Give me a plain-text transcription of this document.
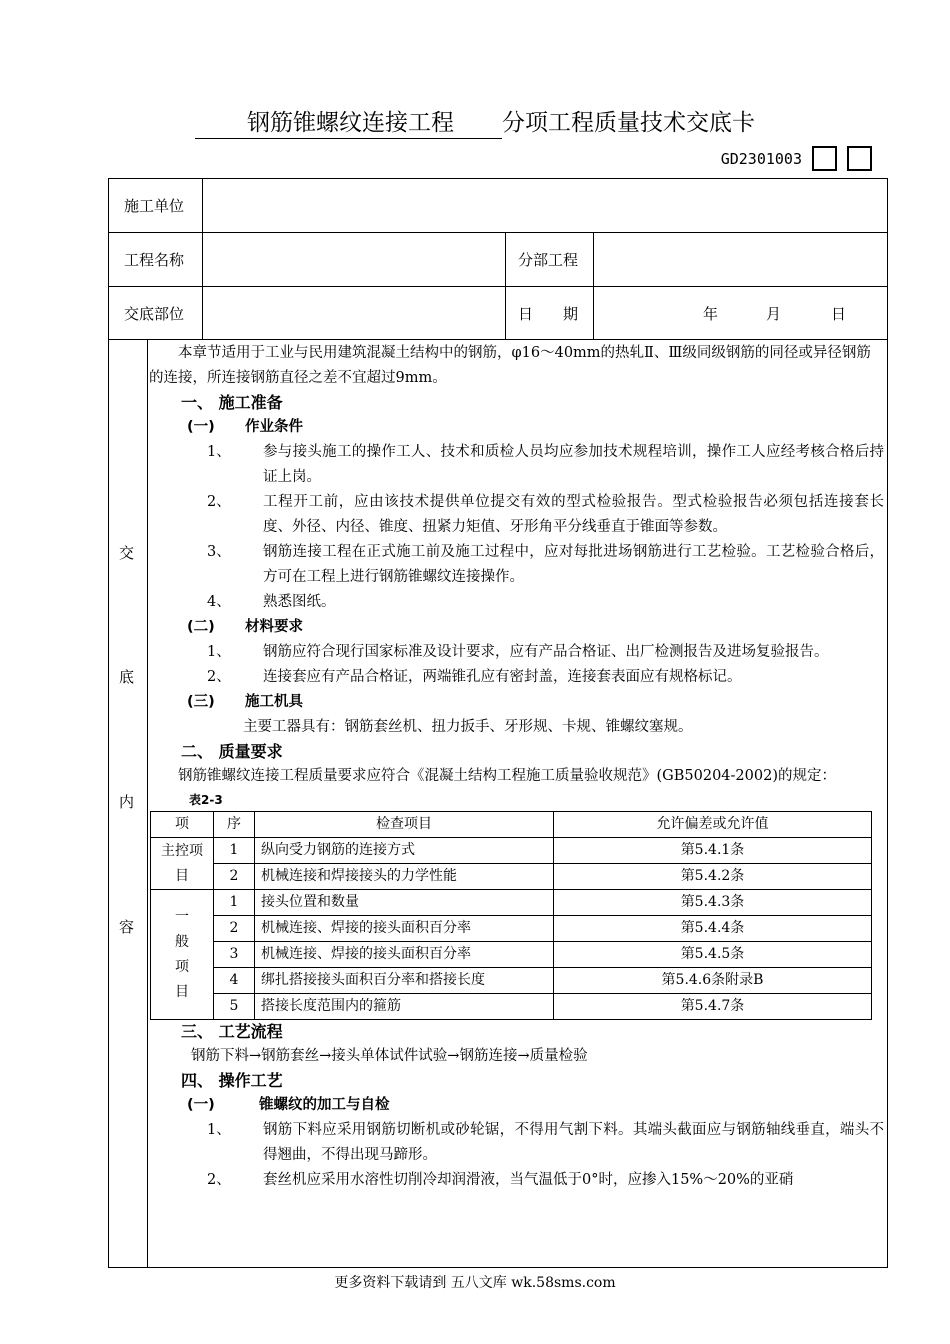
钢筋锥螺纹连接工程 分项工程质量技术交底卡
GD2301003
施工单位
工程名称	分部工程
交底部位	日　　期	年	月	日
交
底
内
容
本章节适用于工业与民用建筑混凝土结构中的钢筋，φ16～40mm的热轧Ⅱ、Ⅲ级同级钢筋的同径或异径钢筋的连接，所连接钢筋直径之差不宜超过9mm。
一、 施工准备
(一) 作业条件
1、	参与接头施工的操作工人、技术和质检人员均应参加技术规程培训，操作工人应经考核合格后持证上岗。
2、	工程开工前，应由该技术提供单位提交有效的型式检验报告。型式检验报告必须包括连接套长度、外径、内径、锥度、扭紧力矩值、牙形角平分线垂直于锥面等参数。
3、	钢筋连接工程在正式施工前及施工过程中，应对每批进场钢筋进行工艺检验。工艺检验合格后，方可在工程上进行钢筋锥螺纹连接操作。
4、	熟悉图纸。
(二) 材料要求
1、	钢筋应符合现行国家标准及设计要求，应有产品合格证、出厂检测报告及进场复验报告。
2、	连接套应有产品合格证，两端锥孔应有密封盖，连接套表面应有规格标记。
(三) 施工机具
主要工器具有：钢筋套丝机、扭力扳手、牙形规、卡规、锥螺纹塞规。
二、 质量要求
钢筋锥螺纹连接工程质量要求应符合《混凝土结构工程施工质量验收规范》(GB50204-2002)的规定：
表2-3
项	序	检查项目	允许偏差或允许值
主控项目	1	纵向受力钢筋的连接方式	第5.4.1条
	2	机械连接和焊接接头的力学性能	第5.4.2条

一
般
项
目	1	接头位置和数量	第5.4.3条
	2	机械连接、焊接的接头面积百分率	第5.4.4条
	3	机械连接、焊接的接头面积百分率	第5.4.5条
	4	绑扎搭接接头面积百分率和搭接长度	第5.4.6条附录B
	5	搭接长度范围内的箍筋	第5.4.7条
三、 工艺流程
钢筋下料→钢筋套丝→接头单体试件试验→钢筋连接→质量检验
四、 操作工艺
(一)	锥螺纹的加工与自检
1、	钢筋下料应采用钢筋切断机或砂轮锯，不得用气割下料。其端头截面应与钢筋轴线垂直，端头不得翘曲，不得出现马蹄形。
2、	套丝机应采用水溶性切削冷却润滑液，当气温低于0°时，应掺入15%～20%的亚硝
更多资料下载请到 五八文库 wk.58sms.com
